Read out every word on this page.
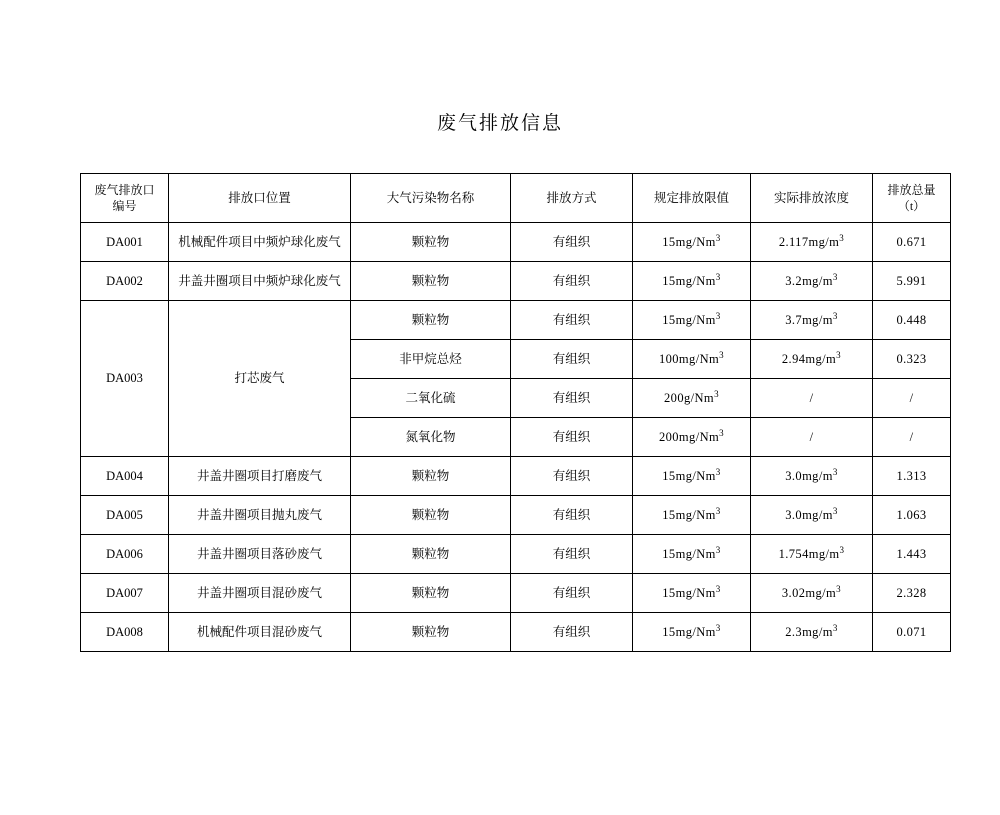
废气排放信息
废气排放口
编号	排放口位置	大气污染物名称	排放方式	规定排放限值	实际排放浓度	排放总量
（t）

DA001	机械配件项目中频炉球化废气	颗粒物	有组织	15mg/Nm$^3$	$2.117mg/m^3$	0.671
DA002	井盖井圈项目中频炉球化废气	颗粒物	有组织	15mg/Nm$^3$	$3.2mg/m^3$	5.991
DA003	打芯废气	颗粒物	有组织	15mg/Nm$^3$	$3.7mg/m^3$	0.448
		非甲烷总烃	有组织	100mg/Nm$^3$	$2.94mg/m^3$	0.323
		二氧化硫	有组织	200g/Nm$^3$	/	/
		氮氧化物	有组织	200mg/Nm$^3$	/	/
DA004	井盖井圈项目打磨废气	颗粒物	有组织	15mg/Nm$^3$	$3.0mg/m^3$	1.313
DA005	井盖井圈项目抛丸废气	颗粒物	有组织	15mg/Nm$^3$	$3.0mg/m^3$	1.063
DA006	井盖井圈项目落砂废气	颗粒物	有组织	15mg/Nm$^3$	$1.754mg/m^3$	1.443
DA007	井盖井圈项目混砂废气	颗粒物	有组织	15mg/Nm$^3$	$3.02mg/m^3$	2.328
DA008	机械配件项目混砂废气	颗粒物	有组织	15mg/Nm$^3$	$2.3mg/m^3$	0.071
